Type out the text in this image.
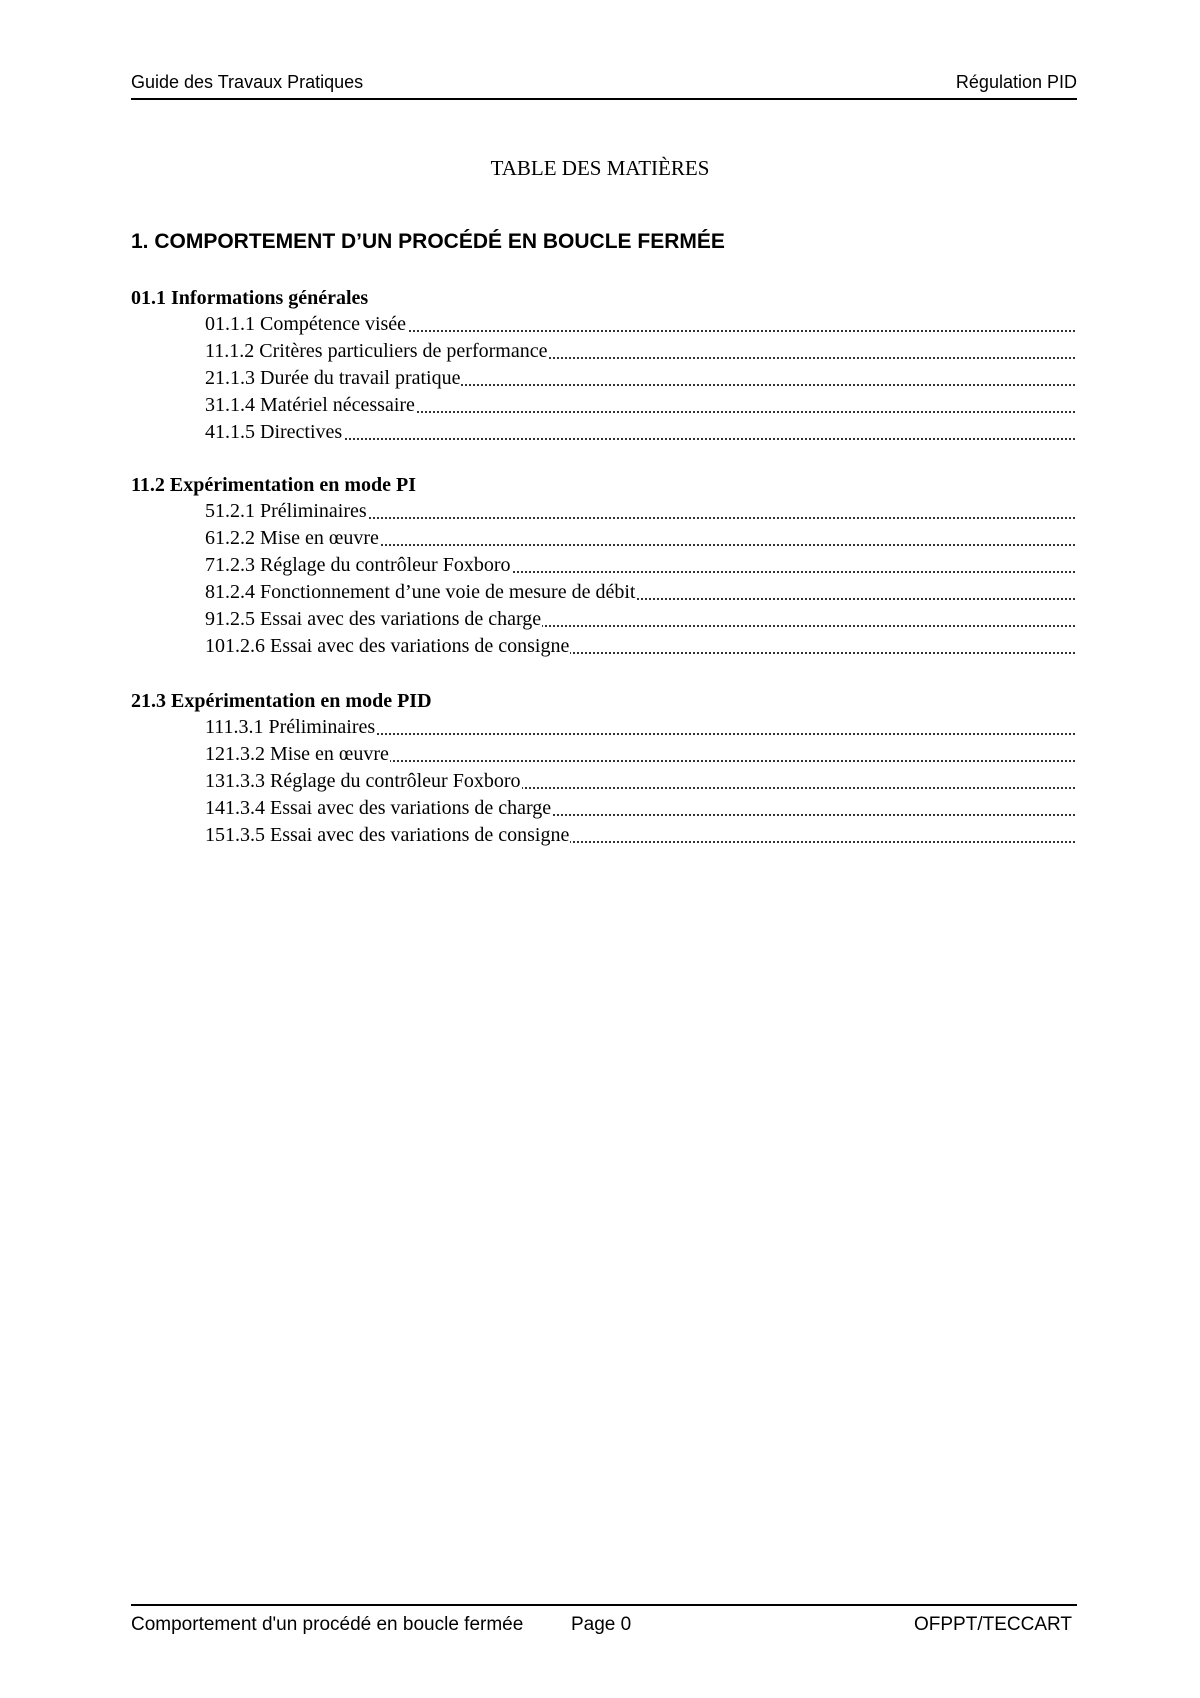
Guide des Travaux Pratiques	Régulation PID
TABLE DES MATIÈRES
1. COMPORTEMENT D’UN PROCÉDÉ EN BOUCLE FERMÉE
01.1 Informations générales
01.1.1 Compétence visée
11.1.2 Critères particuliers de performance
21.1.3 Durée du travail pratique
31.1.4 Matériel nécessaire
41.1.5 Directives
11.2 Expérimentation en mode PI
51.2.1 Préliminaires
61.2.2 Mise en œuvre
71.2.3 Réglage du contrôleur Foxboro
81.2.4 Fonctionnement d’une voie de mesure de débit
91.2.5 Essai avec des variations de charge
101.2.6 Essai avec des variations de consigne
21.3 Expérimentation en mode PID
111.3.1 Préliminaires
121.3.2 Mise en œuvre
131.3.3 Réglage du contrôleur Foxboro
141.3.4 Essai avec des variations de charge
151.3.5 Essai avec des variations de consigne
Comportement d'un procédé en boucle fermée	Page 0	OFPPT/TECCART
